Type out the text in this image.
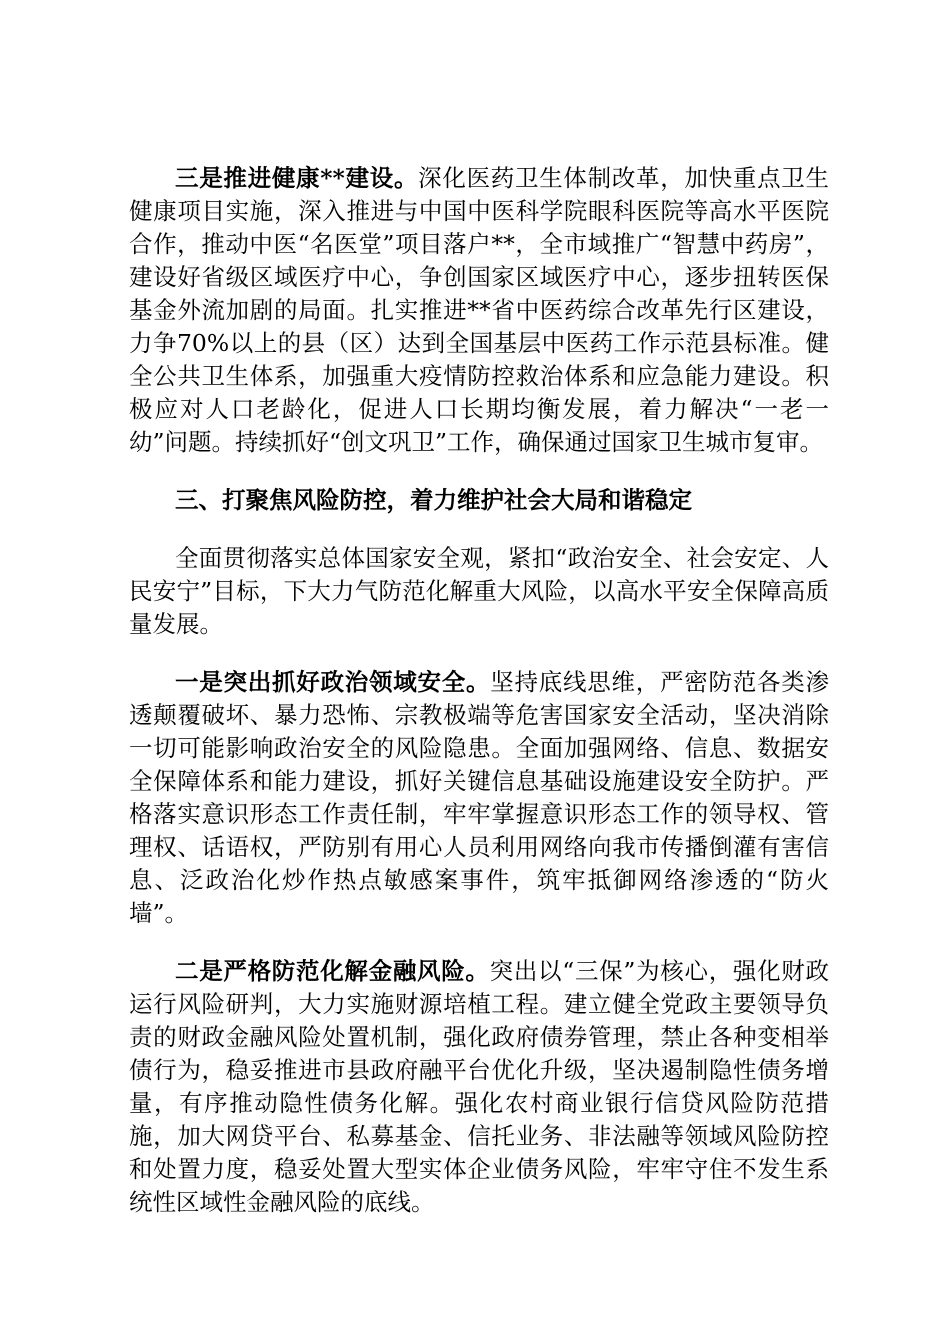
三是推进健康**建设。深化医药卫生体制改革，加快重点卫生健康项目实施，深入推进与中国中医科学院眼科医院等高水平医院合作，推动中医“名医堂”项目落户**，全市域推广“智慧中药房”，建设好省级区域医疗中心，争创国家区域医疗中心，逐步扭转医保基金外流加剧的局面。扎实推进**省中医药综合改革先行区建设，力争70%以上的县（区）达到全国基层中医药工作示范县标准。健全公共卫生体系，加强重大疫情防控救治体系和应急能力建设。积极应对人口老龄化，促进人口长期均衡发展，着力解决“一老一幼”问题。持续抓好“创文巩卫”工作，确保通过国家卫生城市复审。

三、打聚焦风险防控，着力维护社会大局和谐稳定

全面贯彻落实总体国家安全观，紧扣“政治安全、社会安定、人民安宁”目标，下大力气防范化解重大风险，以高水平安全保障高质量发展。

一是突出抓好政治领域安全。坚持底线思维，严密防范各类渗透颠覆破坏、暴力恐怖、宗教极端等危害国家安全活动，坚决消除一切可能影响政治安全的风险隐患。全面加强网络、信息、数据安全保障体系和能力建设，抓好关键信息基础设施建设安全防护。严格落实意识形态工作责任制，牢牢掌握意识形态工作的领导权、管理权、话语权，严防别有用心人员利用网络向我市传播倒灌有害信息、泛政治化炒作热点敏感案事件，筑牢抵御网络渗透的“防火墙”。

二是严格防范化解金融风险。突出以“三保”为核心，强化财政运行风险研判，大力实施财源培植工程。建立健全党政主要领导负责的财政金融风险处置机制，强化政府债券管理，禁止各种变相举债行为，稳妥推进市县政府融平台优化升级，坚决遏制隐性债务增量，有序推动隐性债务化解。强化农村商业银行信贷风险防范措施，加大网贷平台、私募基金、信托业务、非法融等领域风险防控和处置力度，稳妥处置大型实体企业债务风险，牢牢守住不发生系统性区域性金融风险的底线。
